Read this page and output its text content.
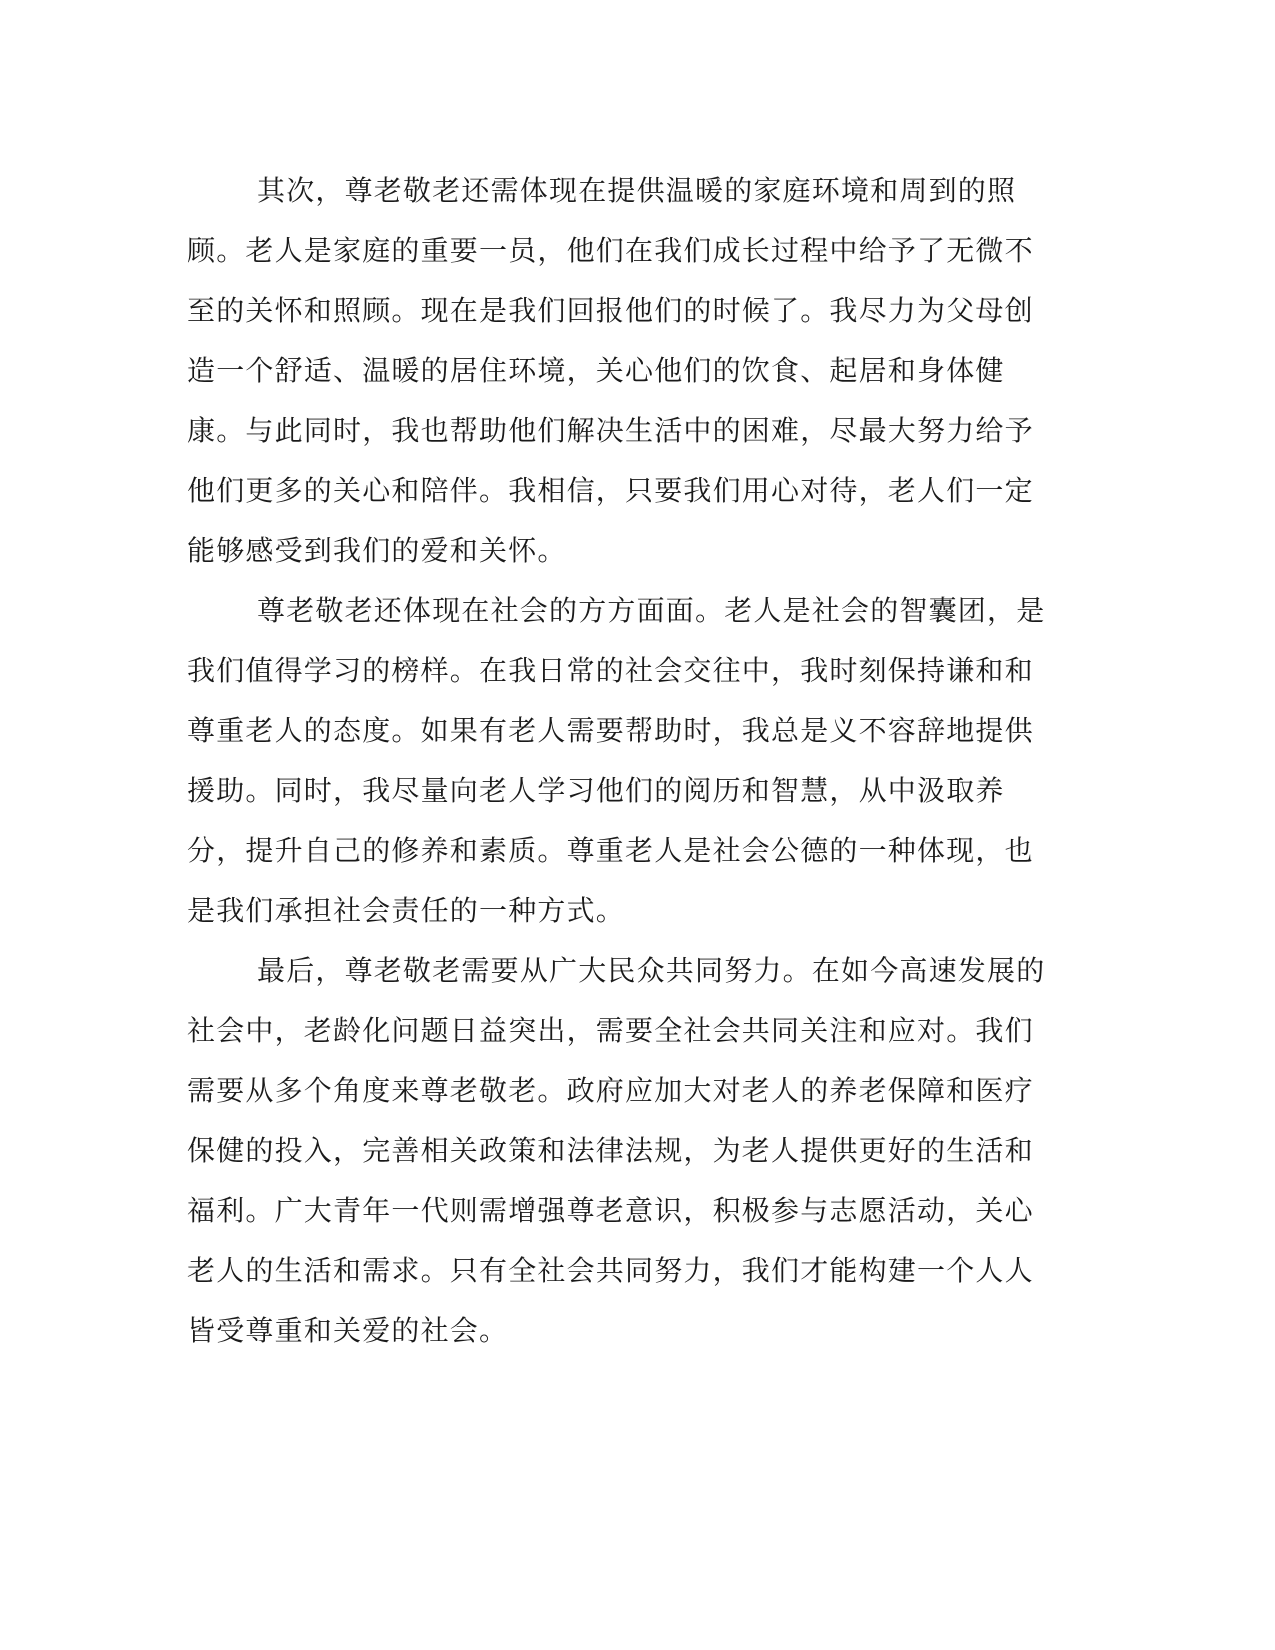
其次，尊老敬老还需体现在提供温暖的家庭环境和周到的照顾。老人是家庭的重要一员，他们在我们成长过程中给予了无微不至的关怀和照顾。现在是我们回报他们的时候了。我尽力为父母创造一个舒适、温暖的居住环境，关心他们的饮食、起居和身体健康。与此同时，我也帮助他们解决生活中的困难，尽最大努力给予他们更多的关心和陪伴。我相信，只要我们用心对待，老人们一定能够感受到我们的爱和关怀。

尊老敬老还体现在社会的方方面面。老人是社会的智囊团，是我们值得学习的榜样。在我日常的社会交往中，我时刻保持谦和和尊重老人的态度。如果有老人需要帮助时，我总是义不容辞地提供援助。同时，我尽量向老人学习他们的阅历和智慧，从中汲取养分，提升自己的修养和素质。尊重老人是社会公德的一种体现，也是我们承担社会责任的一种方式。

最后，尊老敬老需要从广大民众共同努力。在如今高速发展的社会中，老龄化问题日益突出，需要全社会共同关注和应对。我们需要从多个角度来尊老敬老。政府应加大对老人的养老保障和医疗保健的投入，完善相关政策和法律法规，为老人提供更好的生活和福利。广大青年一代则需增强尊老意识，积极参与志愿活动，关心老人的生活和需求。只有全社会共同努力，我们才能构建一个人人皆受尊重和关爱的社会。
